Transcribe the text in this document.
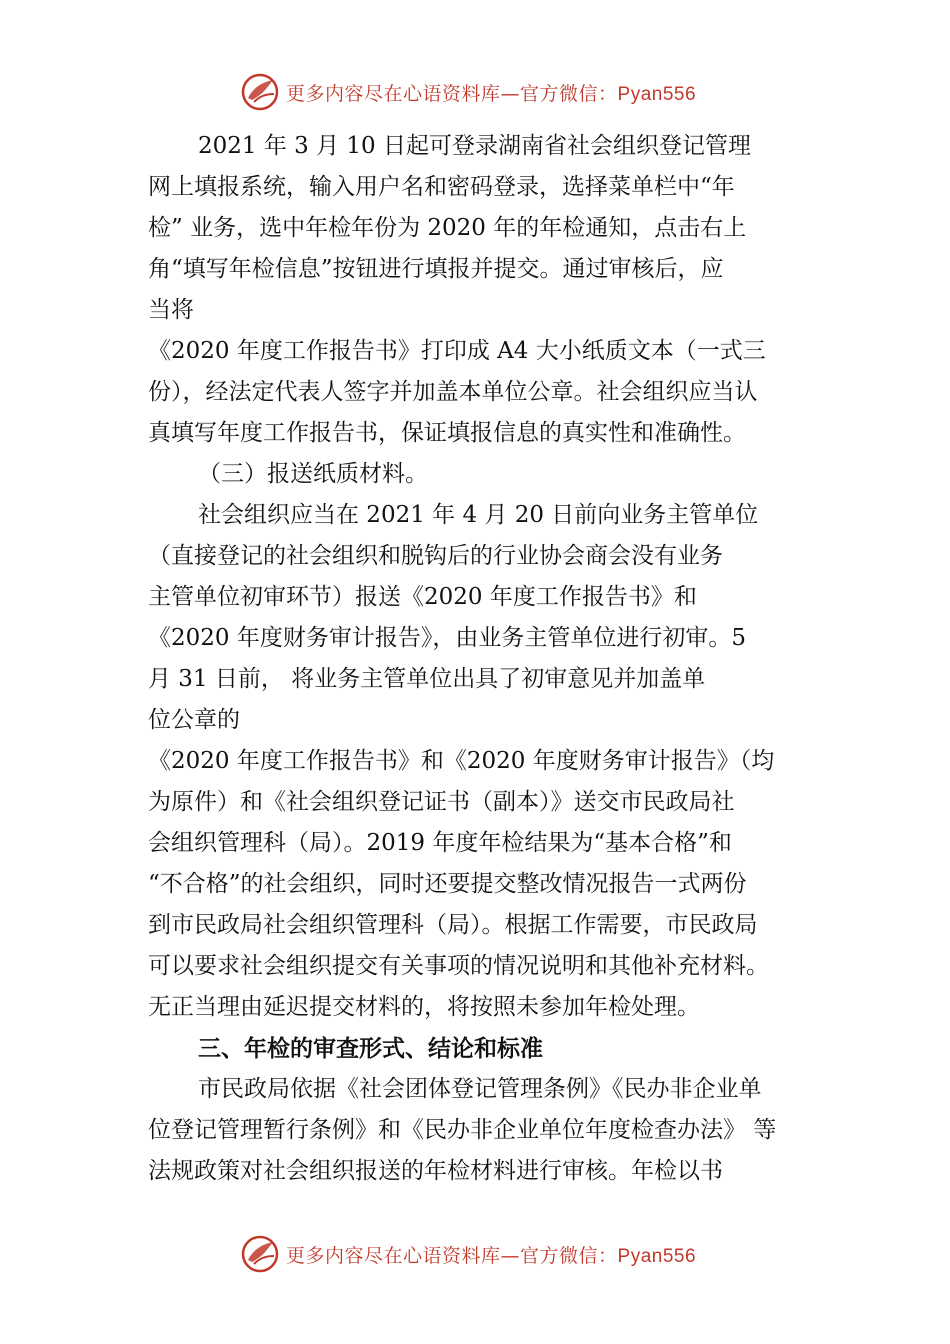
更多内容尽在心语资料库—官方微信：Pyan556
2021 年 3 月 10 日起可登录湖南省社会组织登记管理
网上填报系统，输入用户名和密码登录，选择菜单栏中“年
检” 业务，选中年检年份为 2020 年的年检通知，点击右上
角“填写年检信息”按钮进行填报并提交。通过审核后，应
当将
《2020 年度工作报告书》打印成 A4 大小纸质文本（一式三
份），经法定代表人签字并加盖本单位公章。社会组织应当认
真填写年度工作报告书，保证填报信息的真实性和准确性。
（三）报送纸质材料。
社会组织应当在 2021 年 4 月 20 日前向业务主管单位
（直接登记的社会组织和脱钩后的行业协会商会没有业务
主管单位初审环节）报送《2020 年度工作报告书》和
《2020 年度财务审计报告》，由业务主管单位进行初审。5
月 31 日前， 将业务主管单位出具了初审意见并加盖单
位公章的
《2020 年度工作报告书》和《2020 年度财务审计报告》（均
为原件）和《社会组织登记证书（副本）》送交市民政局社
会组织管理科（局）。2019 年度年检结果为“基本合格”和
“不合格”的社会组织，同时还要提交整改情况报告一式两份
到市民政局社会组织管理科（局）。根据工作需要，市民政局
可以要求社会组织提交有关事项的情况说明和其他补充材料。
无正当理由延迟提交材料的，将按照未参加年检处理。
三、年检的审查形式、结论和标准
市民政局依据《社会团体登记管理条例》《民办非企业单
位登记管理暂行条例》和《民办非企业单位年度检查办法》 等
法规政策对社会组织报送的年检材料进行审核。年检以书
更多内容尽在心语资料库—官方微信：Pyan556
